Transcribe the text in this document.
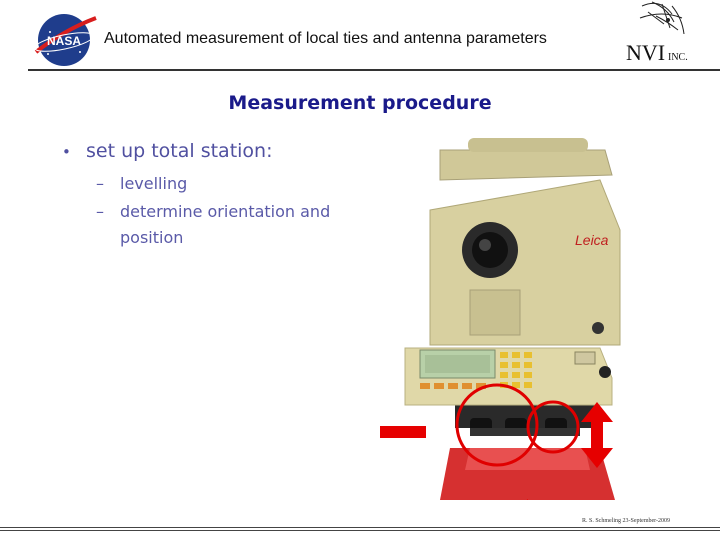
NASA Automated measurement of local ties and antenna parameters
NVI INC.
Measurement procedure
• set up total station:
– levelling
– determine orientation and position	Leica
R. S. Schmeling 23-September-2009
